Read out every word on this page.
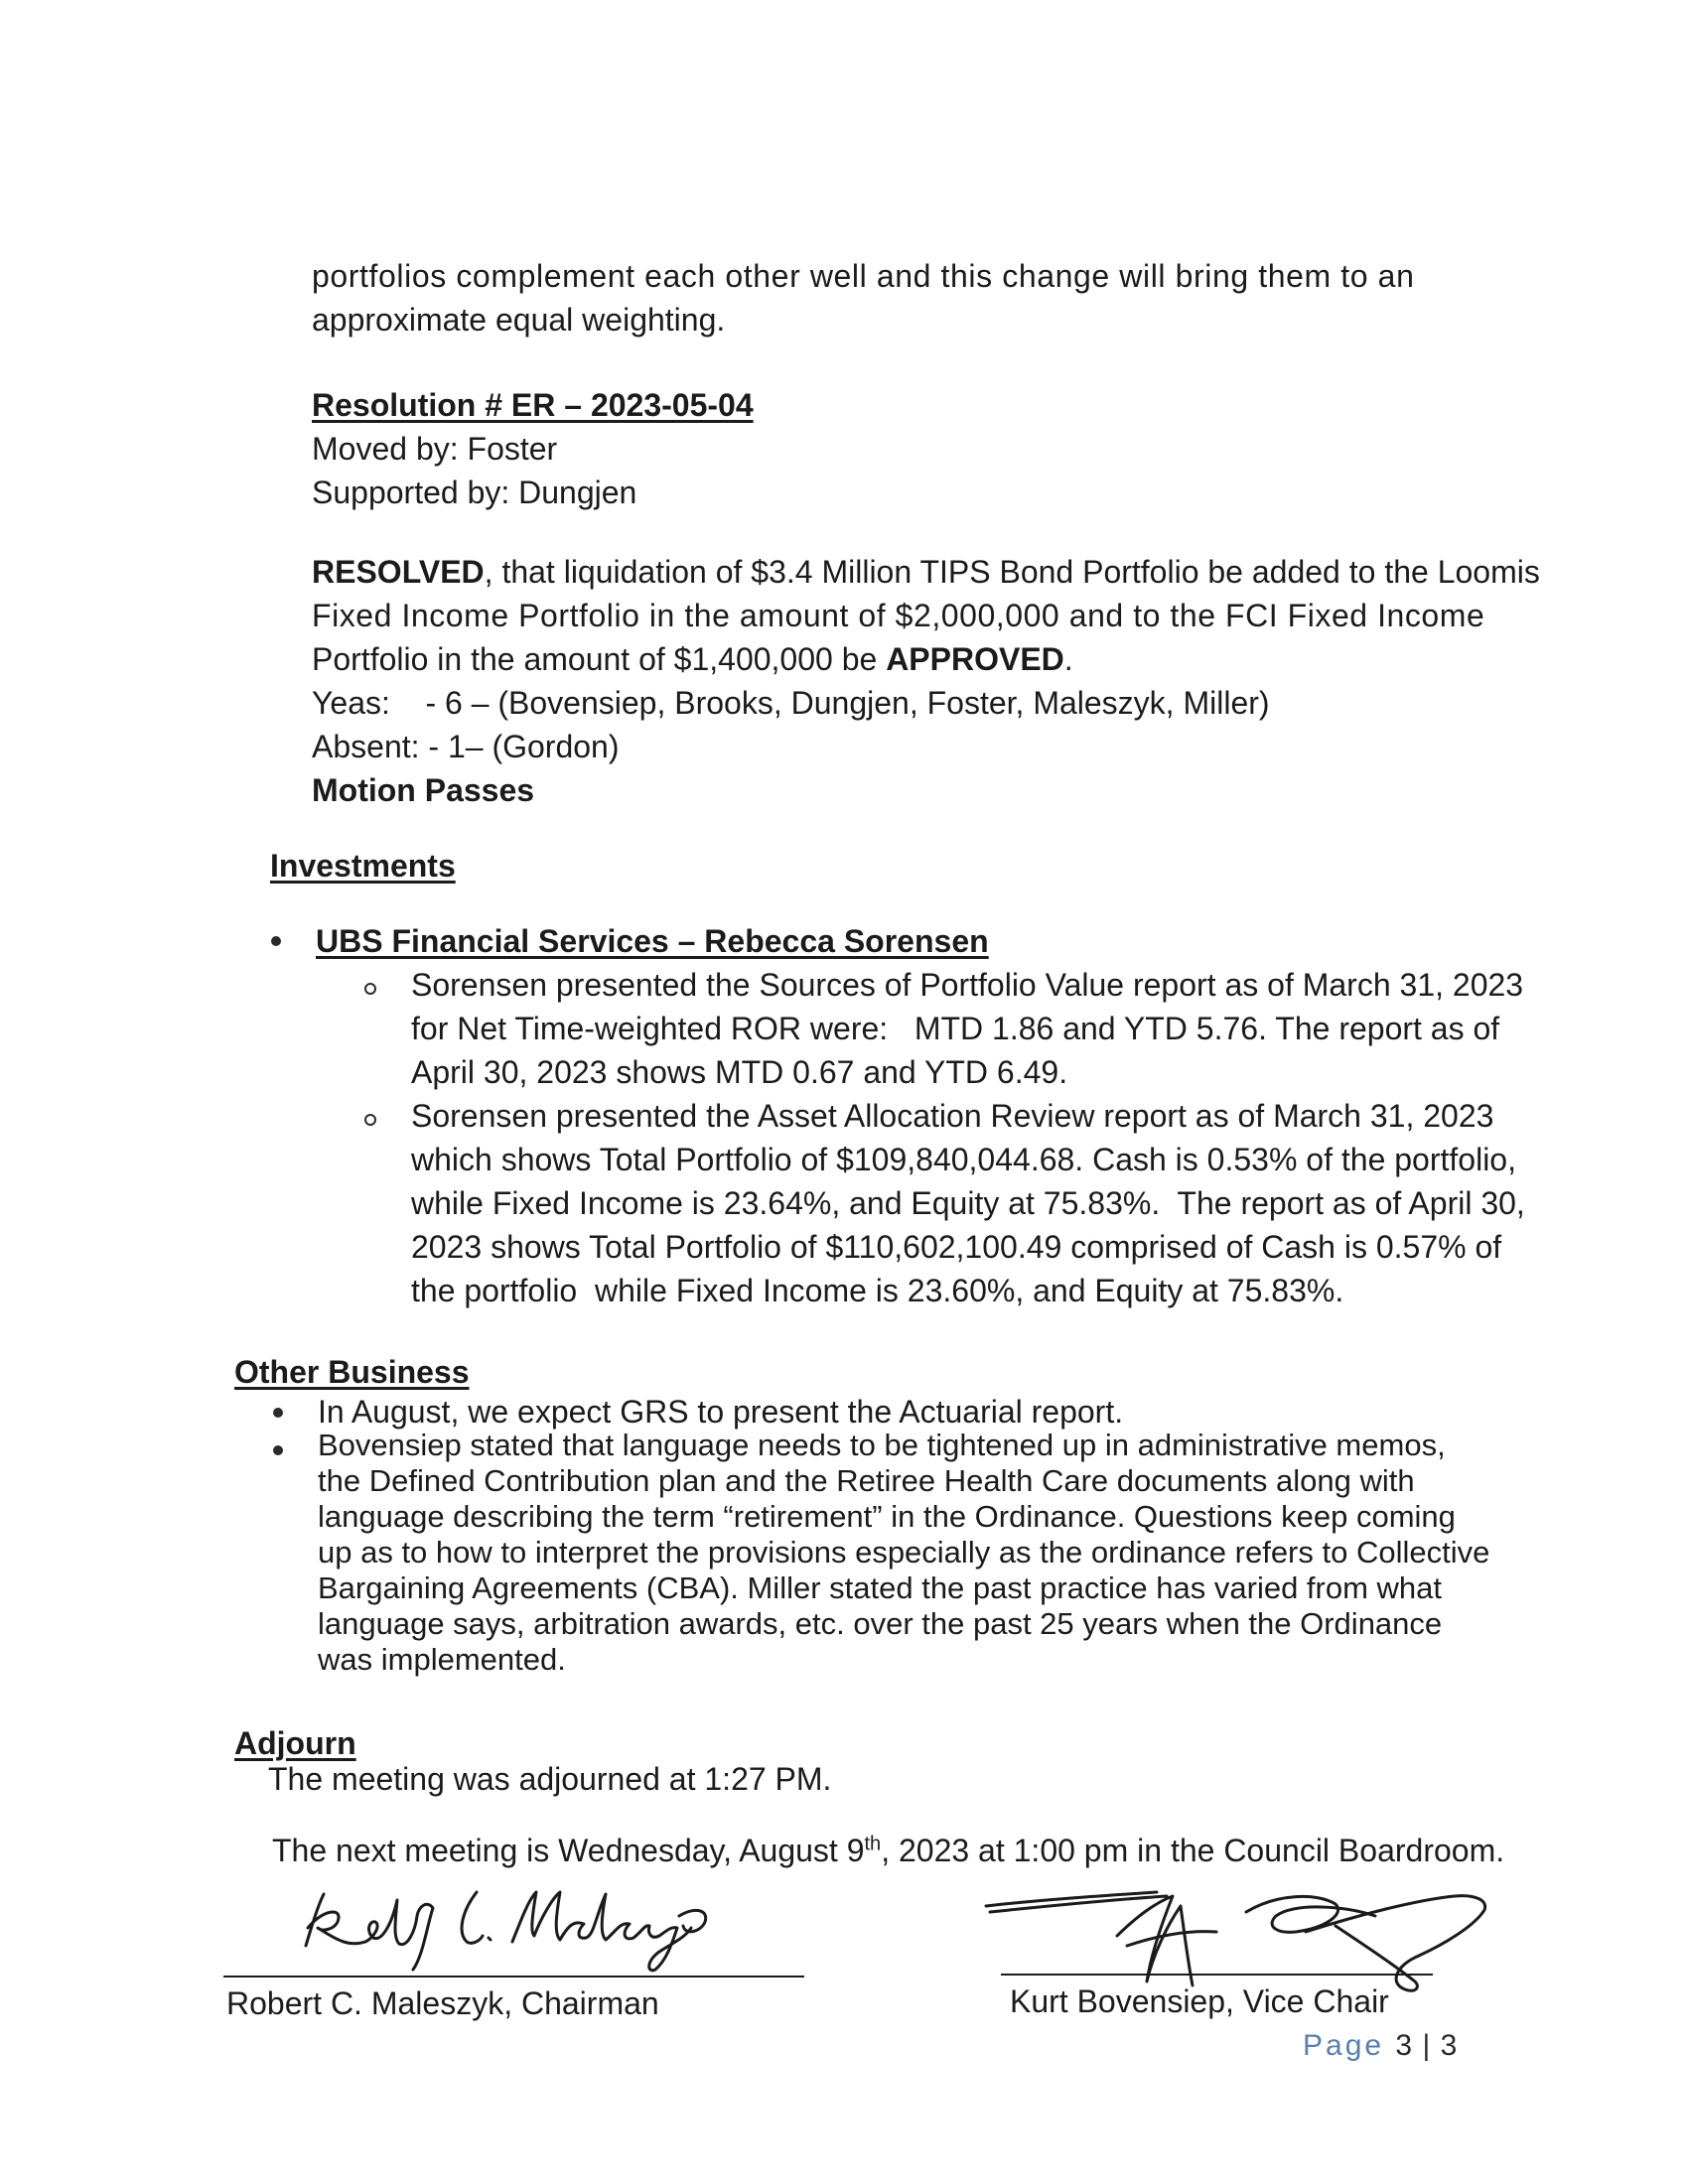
portfolios complement each other well and this change will bring them to an
approximate equal weighting.
Resolution # ER – 2023-05-04
Moved by: Foster
Supported by: Dungjen
RESOLVED, that liquidation of $3.4 Million TIPS Bond Portfolio be added to the Loomis
Fixed Income Portfolio in the amount of $2,000,000 and to the FCI Fixed Income
Portfolio in the amount of $1,400,000 be APPROVED.
Yeas:    - 6 – (Bovensiep, Brooks, Dungjen, Foster, Maleszyk, Miller)
Absent: - 1– (Gordon)
Motion Passes
Investments
UBS Financial Services – Rebecca Sorensen
Sorensen presented the Sources of Portfolio Value report as of March 31, 2023
for Net Time-weighted ROR were:   MTD 1.86 and YTD 5.76. The report as of
April 30, 2023 shows MTD 0.67 and YTD 6.49.
Sorensen presented the Asset Allocation Review report as of March 31, 2023
which shows Total Portfolio of $109,840,044.68. Cash is 0.53% of the portfolio,
while Fixed Income is 23.64%, and Equity at 75.83%.  The report as of April 30,
2023 shows Total Portfolio of $110,602,100.49 comprised of Cash is 0.57% of
the portfolio  while Fixed Income is 23.60%, and Equity at 75.83%.
Other Business
In August, we expect GRS to present the Actuarial report.
Bovensiep stated that language needs to be tightened up in administrative memos,
the Defined Contribution plan and the Retiree Health Care documents along with
language describing the term “retirement” in the Ordinance. Questions keep coming
up as to how to interpret the provisions especially as the ordinance refers to Collective
Bargaining Agreements (CBA). Miller stated the past practice has varied from what
language says, arbitration awards, etc. over the past 25 years when the Ordinance
was implemented.
Adjourn
The meeting was adjourned at 1:27 PM.
The next meeting is Wednesday, August 9th, 2023 at 1:00 pm in the Council Boardroom.
Robert C. Maleszyk, Chairman	Kurt Bovensiep, Vice Chair
Page 3 | 3
